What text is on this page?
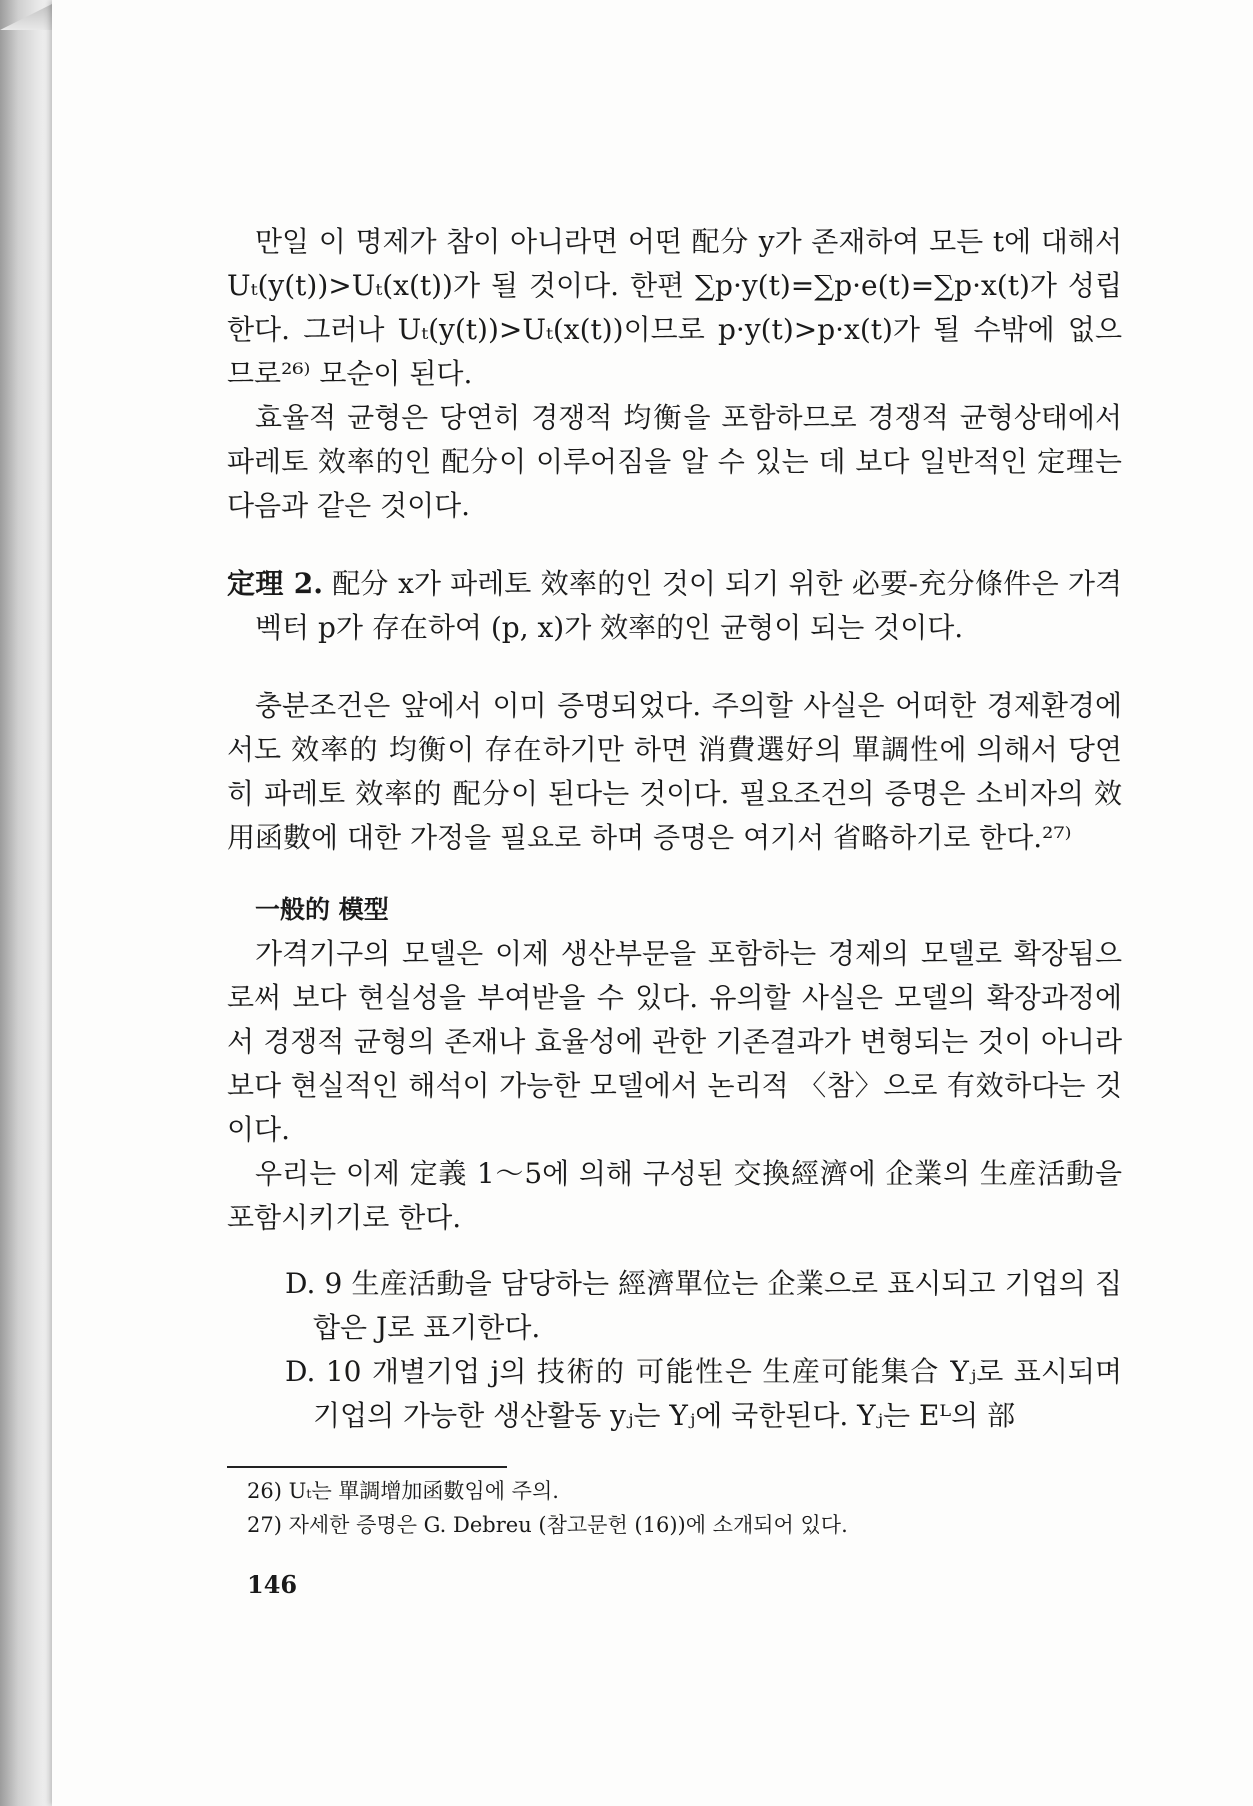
만일 이 명제가 참이 아니라면 어떤 配分 y가 존재하여 모든 t에 대해서 Uₜ(y(t))>Uₜ(x(t))가 될 것이다. 한편 ∑p·y(t)=∑p·e(t)=∑p·x(t)가 성립한다. 그러나 Uₜ(y(t))>Uₜ(x(t))이므로 p·y(t)>p·x(t)가 될 수밖에 없으므로²⁶⁾ 모순이 된다.

효율적 균형은 당연히 경쟁적 均衡을 포함하므로 경쟁적 균형상태에서 파레토 效率的인 配分이 이루어짐을 알 수 있는 데 보다 일반적인 定理는 다음과 같은 것이다.

定理 2. 配分 x가 파레토 效率的인 것이 되기 위한 必要-充分條件은 가격벡터 p가 存在하여 (p, x)가 效率的인 균형이 되는 것이다.

충분조건은 앞에서 이미 증명되었다. 주의할 사실은 어떠한 경제환경에서도 效率的 均衡이 存在하기만 하면 消費選好의 單調性에 의해서 당연히 파레토 效率的 配分이 된다는 것이다. 필요조건의 증명은 소비자의 效用函數에 대한 가정을 필요로 하며 증명은 여기서 省略하기로 한다.²⁷⁾

一般的 模型

가격기구의 모델은 이제 생산부문을 포함하는 경제의 모델로 확장됨으로써 보다 현실성을 부여받을 수 있다. 유의할 사실은 모델의 확장과정에서 경쟁적 균형의 존재나 효율성에 관한 기존결과가 변형되는 것이 아니라 보다 현실적인 해석이 가능한 모델에서 논리적 〈참〉으로 有效하다는 것이다.

우리는 이제 定義 1～5에 의해 구성된 交換經濟에 企業의 生産活動을 포함시키기로 한다.

D. 9 生産活動을 담당하는 經濟單位는 企業으로 표시되고 기업의 집합은 J로 표기한다.
D. 10 개별기업 j의 技術的 可能性은 生産可能集合 Yⱼ로 표시되며 기업의 가능한 생산활동 yⱼ는 Yⱼ에 국한된다. Yⱼ는 Eᴸ의 部
26) Uₜ는 單調增加函數임에 주의.
27) 자세한 증명은 G. Debreu (참고문헌 (16))에 소개되어 있다.
146
